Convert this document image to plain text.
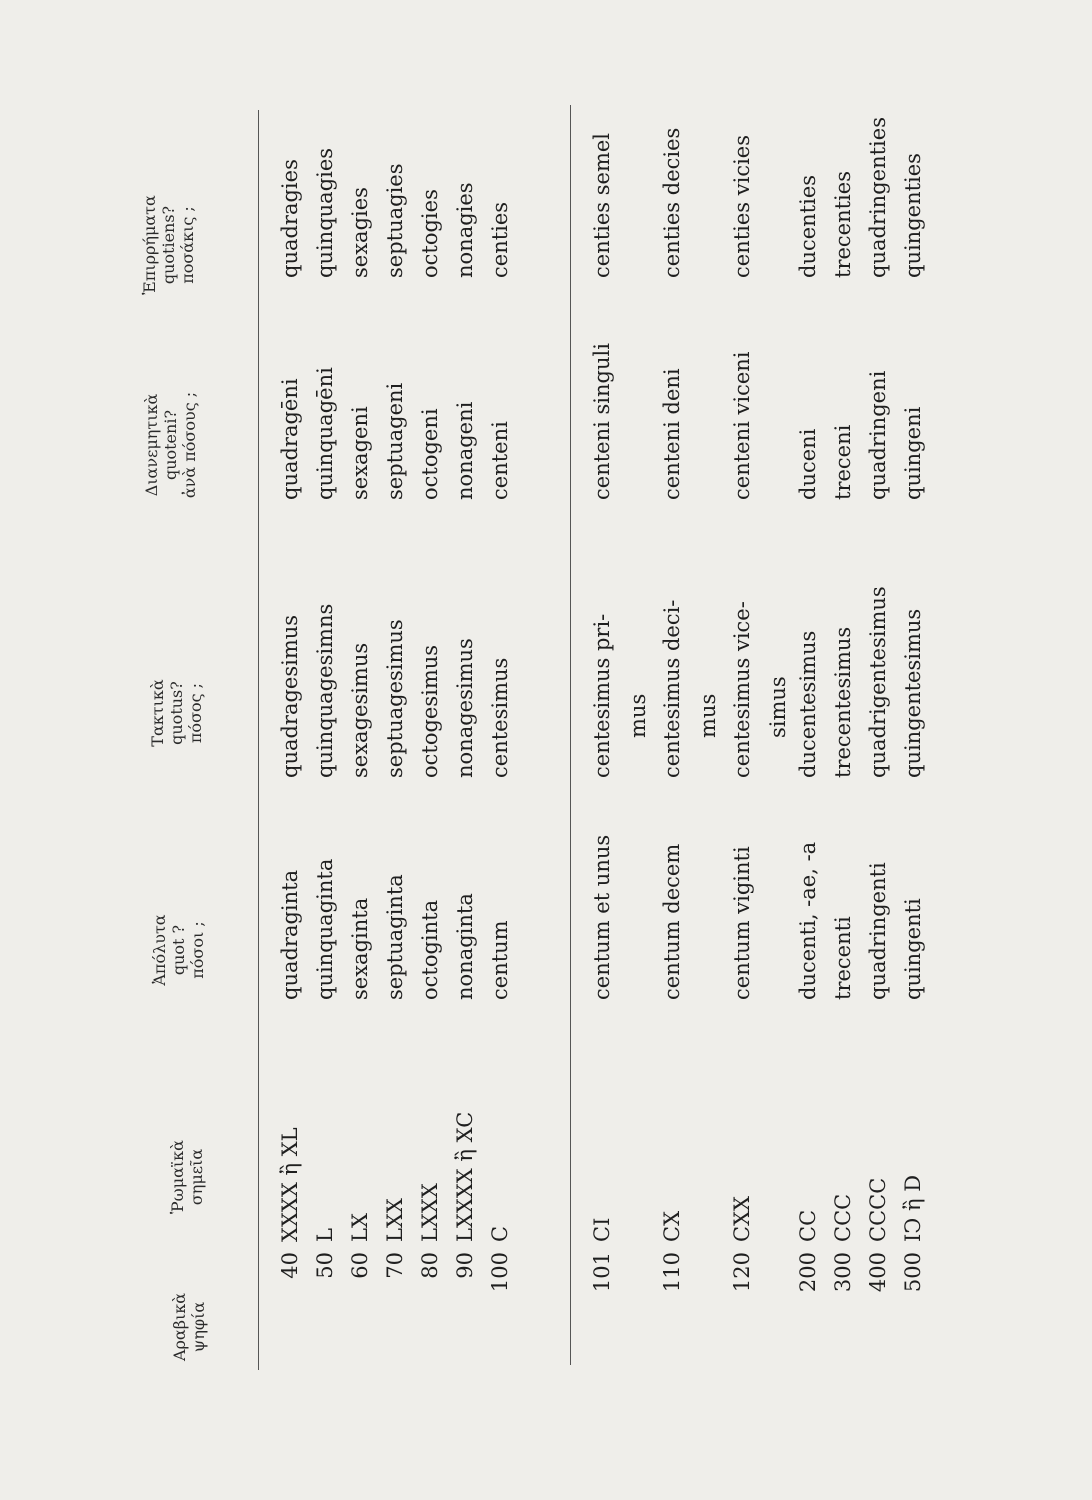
Αραβικὰ ψηφία
Ῥωμαϊκὰ σημεῖα
Ἀπόλυτα quot ? πόσοι ;
Τακτικὰ quotus? πόσος ;
Διανεμητικὰ quoteni? ἀνὰ πόσους ;
Ἐπιρρήματα quotiens? ποσάκις ;
40
XXXX ἢ XL
quadraginta
quadragesimus
quadragēni
quadragies
50
L
quinquaginta
quinquagesimns
quinquagēni
quinquagies
60
LX
sexaginta
sexagesimus
sexageni
sexagies
70
LXX
septuaginta
septuagesimus
septuageni
septuagies
80
LXXX
octoginta
octogesimus
octogeni
octogies
90
LXXXX ἢ XC
nonaginta
nonagesimus
nonageni
nonagies
100
C
centum
centesimus
centeni
centies
101
CI
centum et unus
centesimus pri-
centeni singuli
centies semel
mus
110
CX
centum decem
centesimus deci-
centeni deni
centies decies
mus
120
CXX
centum viginti
centesimus vice-
centeni viceni
centies vicies
simus
200
CC
ducenti, -ae, -a
ducentesimus
duceni
ducenties
300
CCC
trecenti
trecentesimus
treceni
trecenties
400
CCCC
quadringenti
quadrigentesimus
quadringeni
quadringenties
500
IↃ ἢ D
quingenti
quingentesimus
quingeni
quingenties
